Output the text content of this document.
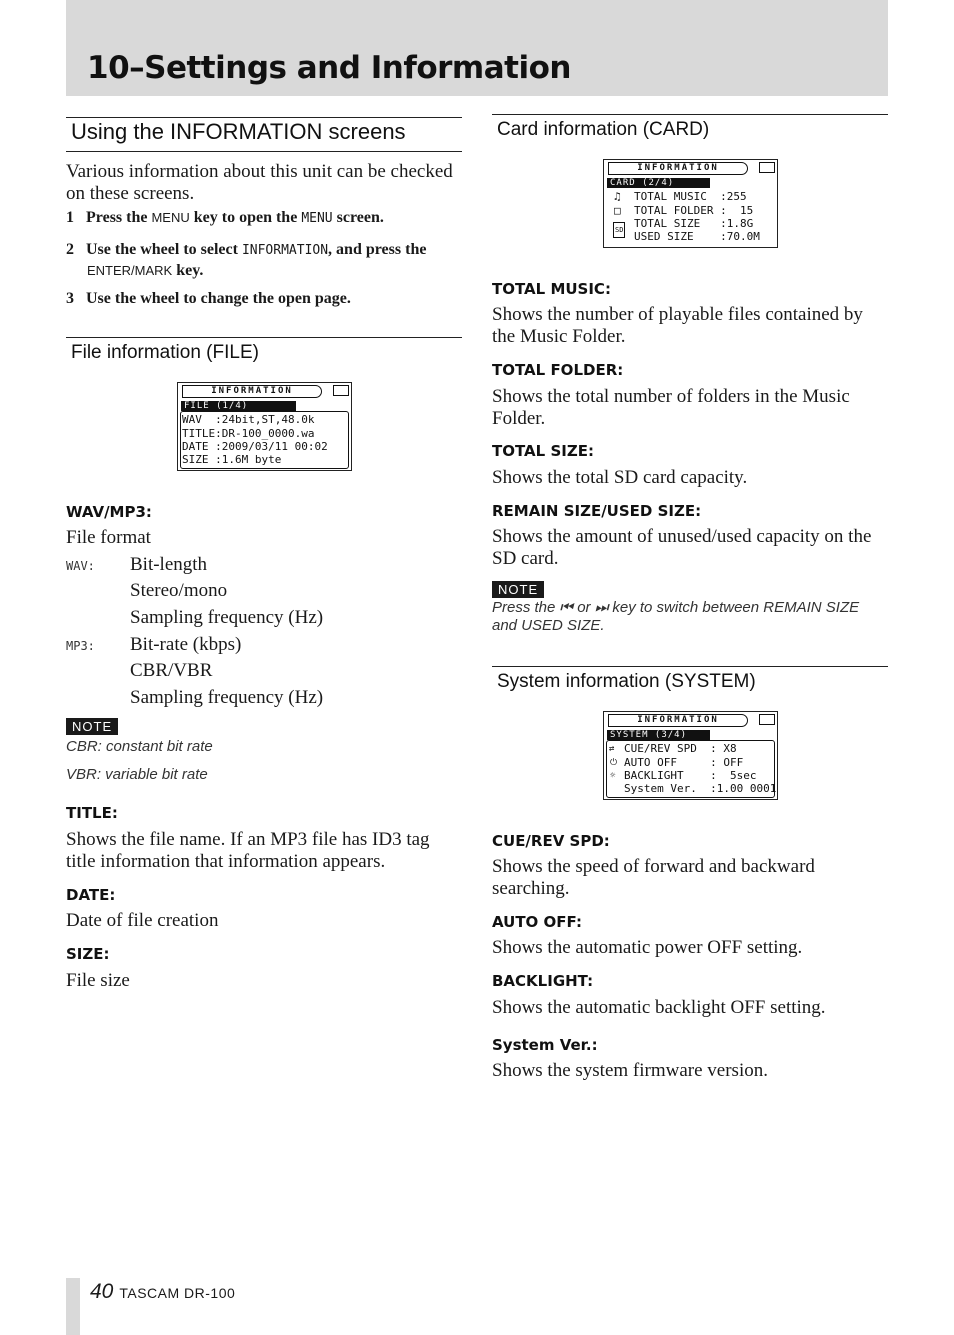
10–Settings and Information
Using the INFORMATION screens
Various information about this unit can be checked on these screens.
1 Press the MENU key to open the MENU screen.
2 Use the wheel to select INFORMATION, and press the
ENTER/MARK key.
3 Use the wheel to change the open page.
File information (FILE)
INFORMATION
FILE (1/4)
WAV  :24bit,ST,48.0k
TITLE:DR-100_0000.wa
DATE :2009/03/11 00:02
SIZE :1.6M byte
WAV/MP3:
File format
WAV: Bit-length
Stereo/mono
Sampling frequency (Hz)
MP3: Bit-rate (kbps)
CBR/VBR
Sampling frequency (Hz)
NOTE
CBR: constant bit rate
VBR: variable bit rate
TITLE:
Shows the file name. If an MP3 file has ID3 tag title information that information appears.
DATE:
Date of file creation
SIZE:
File size
Card information (CARD)
INFORMATION
CARD (2/4)
♫
□
SD
TOTAL MUSIC  :255
TOTAL FOLDER :  15
TOTAL SIZE   :1.8G
USED SIZE    :70.0M
TOTAL MUSIC:
Shows the number of playable files contained by the Music Folder.
TOTAL FOLDER:
Shows the total number of folders in the Music Folder.
TOTAL SIZE:
Shows the total SD card capacity.
REMAIN SIZE/USED SIZE:
Shows the amount of unused/used capacity on the SD card.
NOTE
Press the ⏮ or ⏭ key to switch between REMAIN SIZE and USED SIZE.
System information (SYSTEM)
INFORMATION
SYSTEM (3/4)
⇄
⏻
☼
CUE/REV SPD  : X8
AUTO OFF     : OFF
BACKLIGHT    :  5sec
System Ver.  :1.00 0001
CUE/REV SPD:
Shows the speed of forward and backward searching.
AUTO OFF:
Shows the automatic power OFF setting.
BACKLIGHT:
Shows the automatic backlight OFF setting.
System Ver.:
Shows the system firmware version.
40 TASCAM DR-100
